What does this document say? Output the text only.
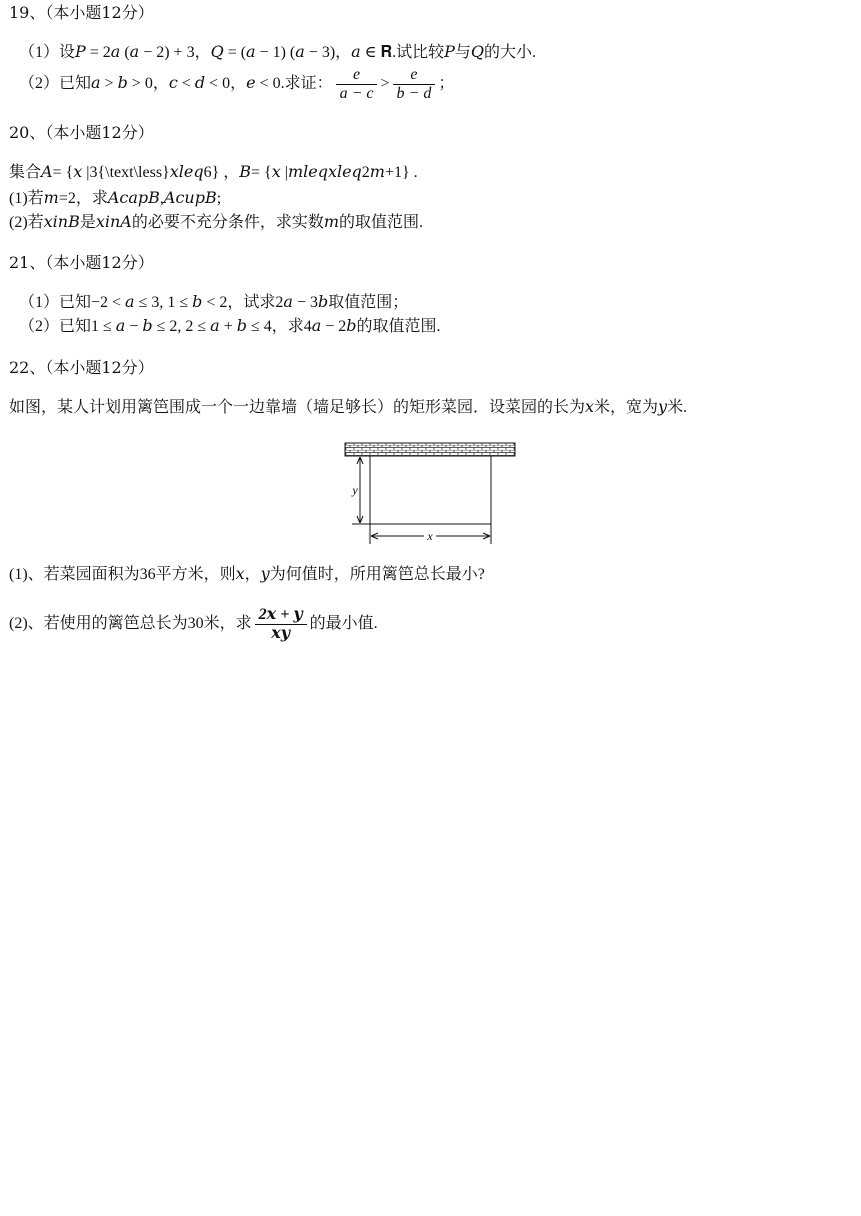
19、（本小题12分）
（1）设𝑃 = 2𝑎 (𝑎 − 2) + 3，𝑄 = (𝑎 − 1) (𝑎 − 3)，𝑎 ∈ 𝐑.试比较𝑃与𝑄的大小.
（2）已知𝑎 > 𝑏 > 0，𝑐 < 𝑑 < 0，𝑒 < 0.求证： $\frac{e}{a - c} > \frac{e}{b - d}$ ；
20、（本小题12分）
集合𝐴= {𝑥 |3{\text\less}𝑥𝑙𝑒𝑞6} ，𝐵= {𝑥 |𝑚𝑙𝑒𝑞𝑥𝑙𝑒𝑞2𝑚+1} .
(1)若𝑚=2，求𝐴𝑐𝑎𝑝𝐵,𝐴𝑐𝑢𝑝𝐵;
(2)若𝑥𝑖𝑛𝐵是𝑥𝑖𝑛𝐴的必要不充分条件，求实数𝑚的取值范围.
21、（本小题12分）
（1）已知−2 < 𝑎 ≤ 3, 1 ≤ 𝑏 < 2，试求2𝑎 − 3𝑏取值范围；
（2）已知1 ≤ 𝑎 − 𝑏 ≤ 2, 2 ≤ 𝑎 + 𝑏 ≤ 4，求4𝑎 − 2𝑏的取值范围.
22、（本小题12分）
如图，某人计划用篱笆围成一个一边靠墙（墙足够长）的矩形菜园．设菜园的长为𝑥米，宽为𝑦米.
y
x
(1)、若菜园面积为36平方米，则𝑥，𝑦为何值时，所用篱笆总长最小?
(2)、若使用的篱笆总长为30米，求 $\frac{\text{2𝒙 + 𝒚}}{\text{𝒙𝒚}}$ 的最小值.
